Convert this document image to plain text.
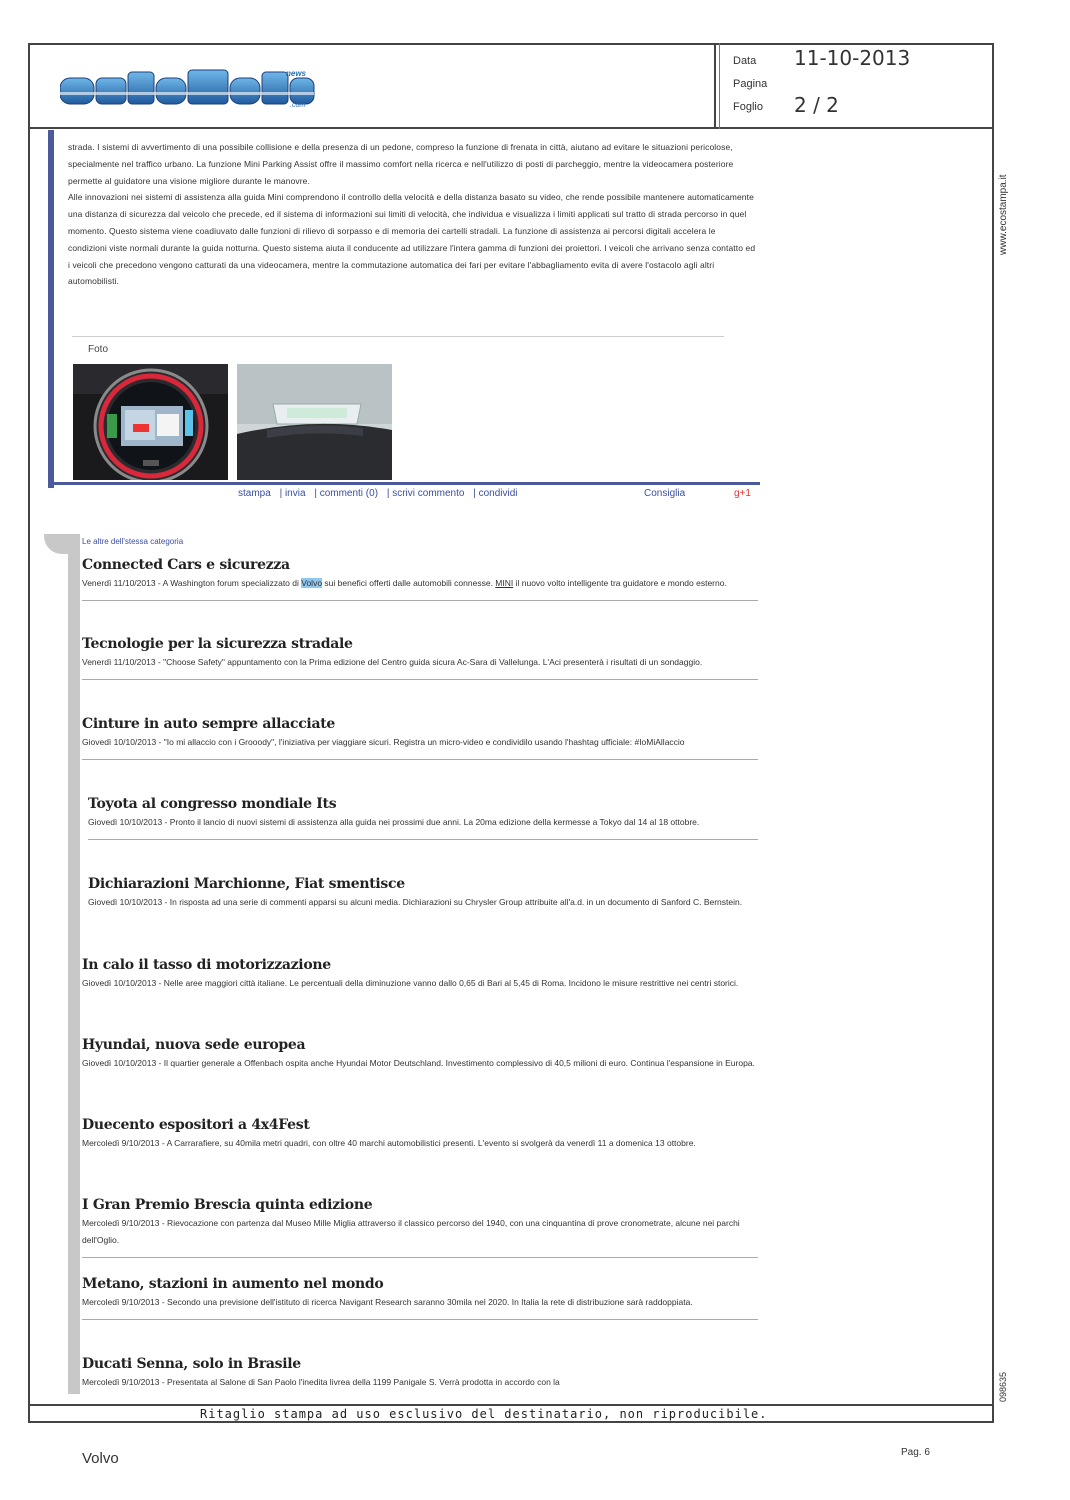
news
.com
Data 11-10-2013
Pagina
Foglio 2 / 2
www.ecostampa.it
098635

strada. I sistemi di avvertimento di una possibile collisione e della presenza di un pedone, compreso la funzione di frenata in città, aiutano ad evitare le situazioni pericolose, specialmente nel traffico urbano. La funzione Mini Parking Assist offre il massimo comfort nella ricerca e nell'utilizzo di posti di parcheggio, mentre la videocamera posteriore permette al guidatore una visione migliore durante le manovre.

Alle innovazioni nei sistemi di assistenza alla guida Mini comprendono il controllo della velocità e della distanza basato su video, che rende possibile mantenere automaticamente una distanza di sicurezza dal veicolo che precede, ed il sistema di informazioni sui limiti di velocità, che individua e visualizza i limiti applicati sul tratto di strada percorso in quel momento. Questo sistema viene coadiuvato dalle funzioni di rilievo di sorpasso e di memoria dei cartelli stradali. La funzione di assistenza ai percorsi digitali accelera le condizioni viste normali durante la guida notturna. Questo sistema aiuta il conducente ad utilizzare l'intera gamma di funzioni dei proiettori. I veicoli che arrivano senza contatto ed i veicoli che precedono vengono catturati da una videocamera, mentre la commutazione automatica dei fari per evitare l'abbagliamento evita di avere l'ostacolo agli altri automobilisti.

Foto
stampa | invia | commenti (0) | scrivi commento | condividi	Consiglia	g+1
Le altre dell'stessa categoria
Connected Cars e sicurezza

Venerdì 11/10/2013 - A Washington forum specializzato di Volvo sui benefici offerti dalle automobili connesse. MINI il nuovo volto intelligente tra guidatore e mondo esterno.

Tecnologie per la sicurezza stradale

Venerdì 11/10/2013 - "Choose Safety" appuntamento con la Prima edizione del Centro guida sicura Ac-Sara di Vallelunga. L'Aci presenterà i risultati di un sondaggio.

Cinture in auto sempre allacciate

Giovedì 10/10/2013 - "Io mi allaccio con i Grooody", l'iniziativa per viaggiare sicuri. Registra un micro-video e condividilo usando l'hashtag ufficiale: #IoMiAllaccio

Toyota al congresso mondiale Its

Giovedì 10/10/2013 - Pronto il lancio di nuovi sistemi di assistenza alla guida nei prossimi due anni. La 20ma edizione della kermesse a Tokyo dal 14 al 18 ottobre.

Dichiarazioni Marchionne, Fiat smentisce

Giovedì 10/10/2013 - In risposta ad una serie di commenti apparsi su alcuni media. Dichiarazioni su Chrysler Group attribuite all'a.d. in un documento di Sanford C. Bernstein.

In calo il tasso di motorizzazione

Giovedì 10/10/2013 - Nelle aree maggiori città italiane. Le percentuali della diminuzione vanno dallo 0,65 di Bari al 5,45 di Roma. Incidono le misure restrittive nei centri storici.

Hyundai, nuova sede europea

Giovedì 10/10/2013 - Il quartier generale a Offenbach ospita anche Hyundai Motor Deutschland. Investimento complessivo di 40,5 milioni di euro. Continua l'espansione in Europa.

Duecento espositori a 4x4Fest

Mercoledì 9/10/2013 - A Carrarafiere, su 40mila metri quadri, con oltre 40 marchi automobilistici presenti. L'evento si svolgerà da venerdì 11 a domenica 13 ottobre.

I Gran Premio Brescia quinta edizione

Mercoledì 9/10/2013 - Rievocazione con partenza dal Museo Mille Miglia attraverso il classico percorso del 1940, con una cinquantina di prove cronometrate, alcune nei parchi dell'Oglio.

Metano, stazioni in aumento nel mondo

Mercoledì 9/10/2013 - Secondo una previsione dell'istituto di ricerca Navigant Research saranno 30mila nel 2020. In Italia la rete di distribuzione sarà raddoppiata.

Ducati Senna, solo in Brasile

Mercoledì 9/10/2013 - Presentata al Salone di San Paolo l'inedita livrea della 1199 Panigale S. Verrà prodotta in accordo con la

Ritaglio stampa ad uso esclusivo del destinatario, non riproducibile.
Volvo	Pag. 6
